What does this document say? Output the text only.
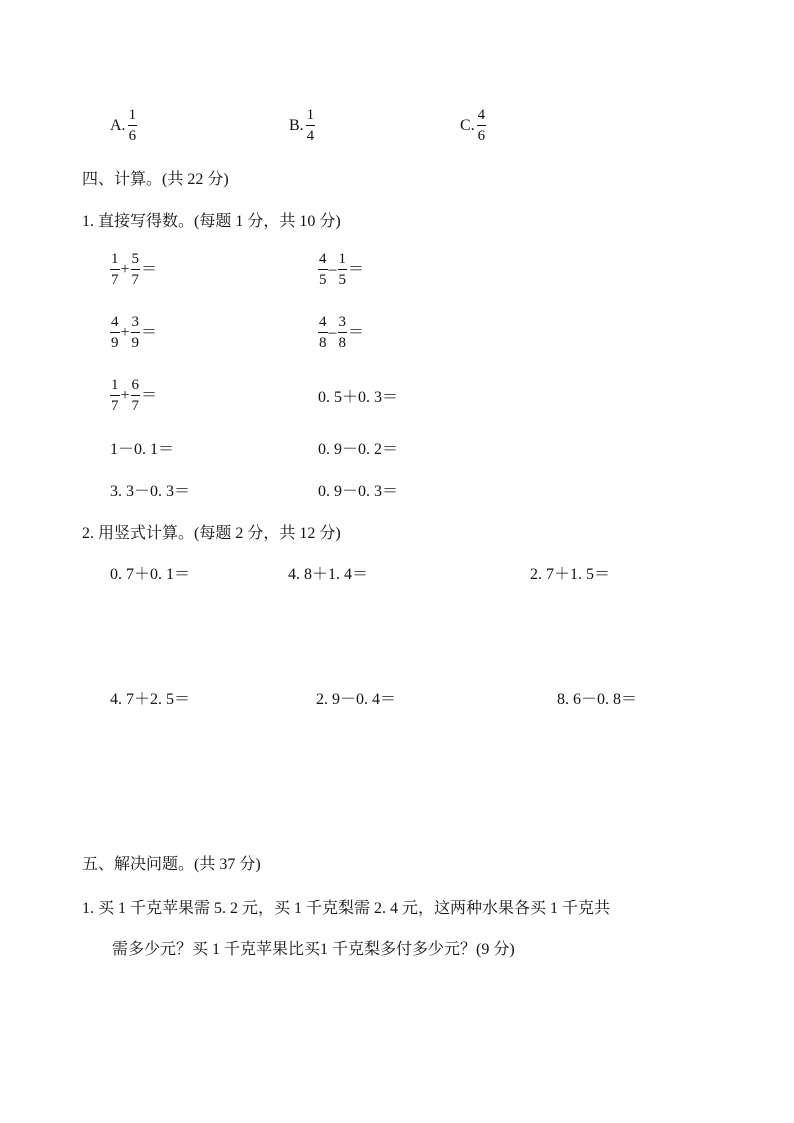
A. $\frac{1}{6}$	B. $\frac{1}{4}$	C. $\frac{4}{6}$
四、计算。(共 22 分)
1. 直接写得数。(每题 1 分，共 10 分)
$\frac{1}{7} + \frac{5}{7}$ ＝	$\frac{4}{5} - \frac{1}{5}$ ＝
$\frac{4}{9} + \frac{3}{9}$ ＝	$\frac{4}{8} - \frac{3}{8}$ ＝
$\frac{1}{7} + \frac{6}{7}$ ＝	0. 5＋0. 3＝
1－0. 1＝	0. 9－0. 2＝
3. 3－0. 3＝	0. 9－0. 3＝
2. 用竖式计算。(每题 2 分，共 12 分)
0. 7＋0. 1＝	4. 8＋1. 4＝	2. 7＋1. 5＝
4. 7＋2. 5＝	2. 9－0. 4＝	8. 6－0. 8＝
五、解决问题。(共 37 分)
1. 买 1 千克苹果需 5. 2 元，买 1 千克梨需 2. 4 元，这两种水果各买 1 千克共
需多少元？买 1 千克苹果比买1 千克梨多付多少元？(9 分)
